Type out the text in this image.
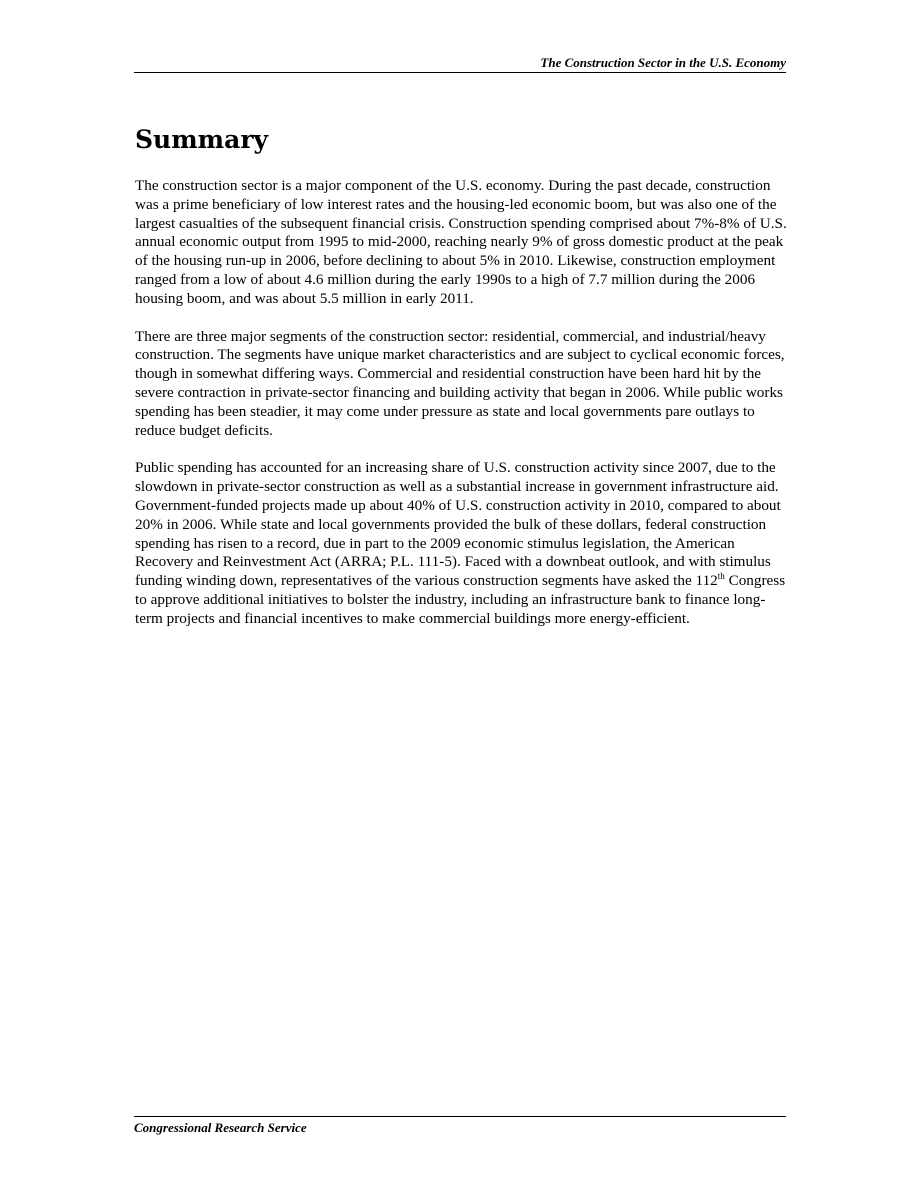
The Construction Sector in the U.S. Economy
Summary

The construction sector is a major component of the U.S. economy. During the past decade, construction was a prime beneficiary of low interest rates and the housing-led economic boom, but was also one of the largest casualties of the subsequent financial crisis. Construction spending comprised about 7%-8% of U.S. annual economic output from 1995 to mid-2000, reaching nearly 9% of gross domestic product at the peak of the housing run-up in 2006, before declining to about 5% in 2010. Likewise, construction employment ranged from a low of about 4.6 million during the early 1990s to a high of 7.7 million during the 2006 housing boom, and was about 5.5 million in early 2011.

There are three major segments of the construction sector: residential, commercial, and industrial/heavy construction. The segments have unique market characteristics and are subject to cyclical economic forces, though in somewhat differing ways. Commercial and residential construction have been hard hit by the severe contraction in private-sector financing and building activity that began in 2006. While public works spending has been steadier, it may come under pressure as state and local governments pare outlays to reduce budget deficits.

Public spending has accounted for an increasing share of U.S. construction activity since 2007, due to the slowdown in private-sector construction as well as a substantial increase in government infrastructure aid. Government-funded projects made up about 40% of U.S. construction activity in 2010, compared to about 20% in 2006. While state and local governments provided the bulk of these dollars, federal construction spending has risen to a record, due in part to the 2009 economic stimulus legislation, the American Recovery and Reinvestment Act (ARRA; P.L. 111-5). Faced with a downbeat outlook, and with stimulus funding winding down, representatives of the various construction segments have asked the 112th Congress to approve additional initiatives to bolster the industry, including an infrastructure bank to finance long-term projects and financial incentives to make commercial buildings more energy-efficient.

Congressional Research Service
